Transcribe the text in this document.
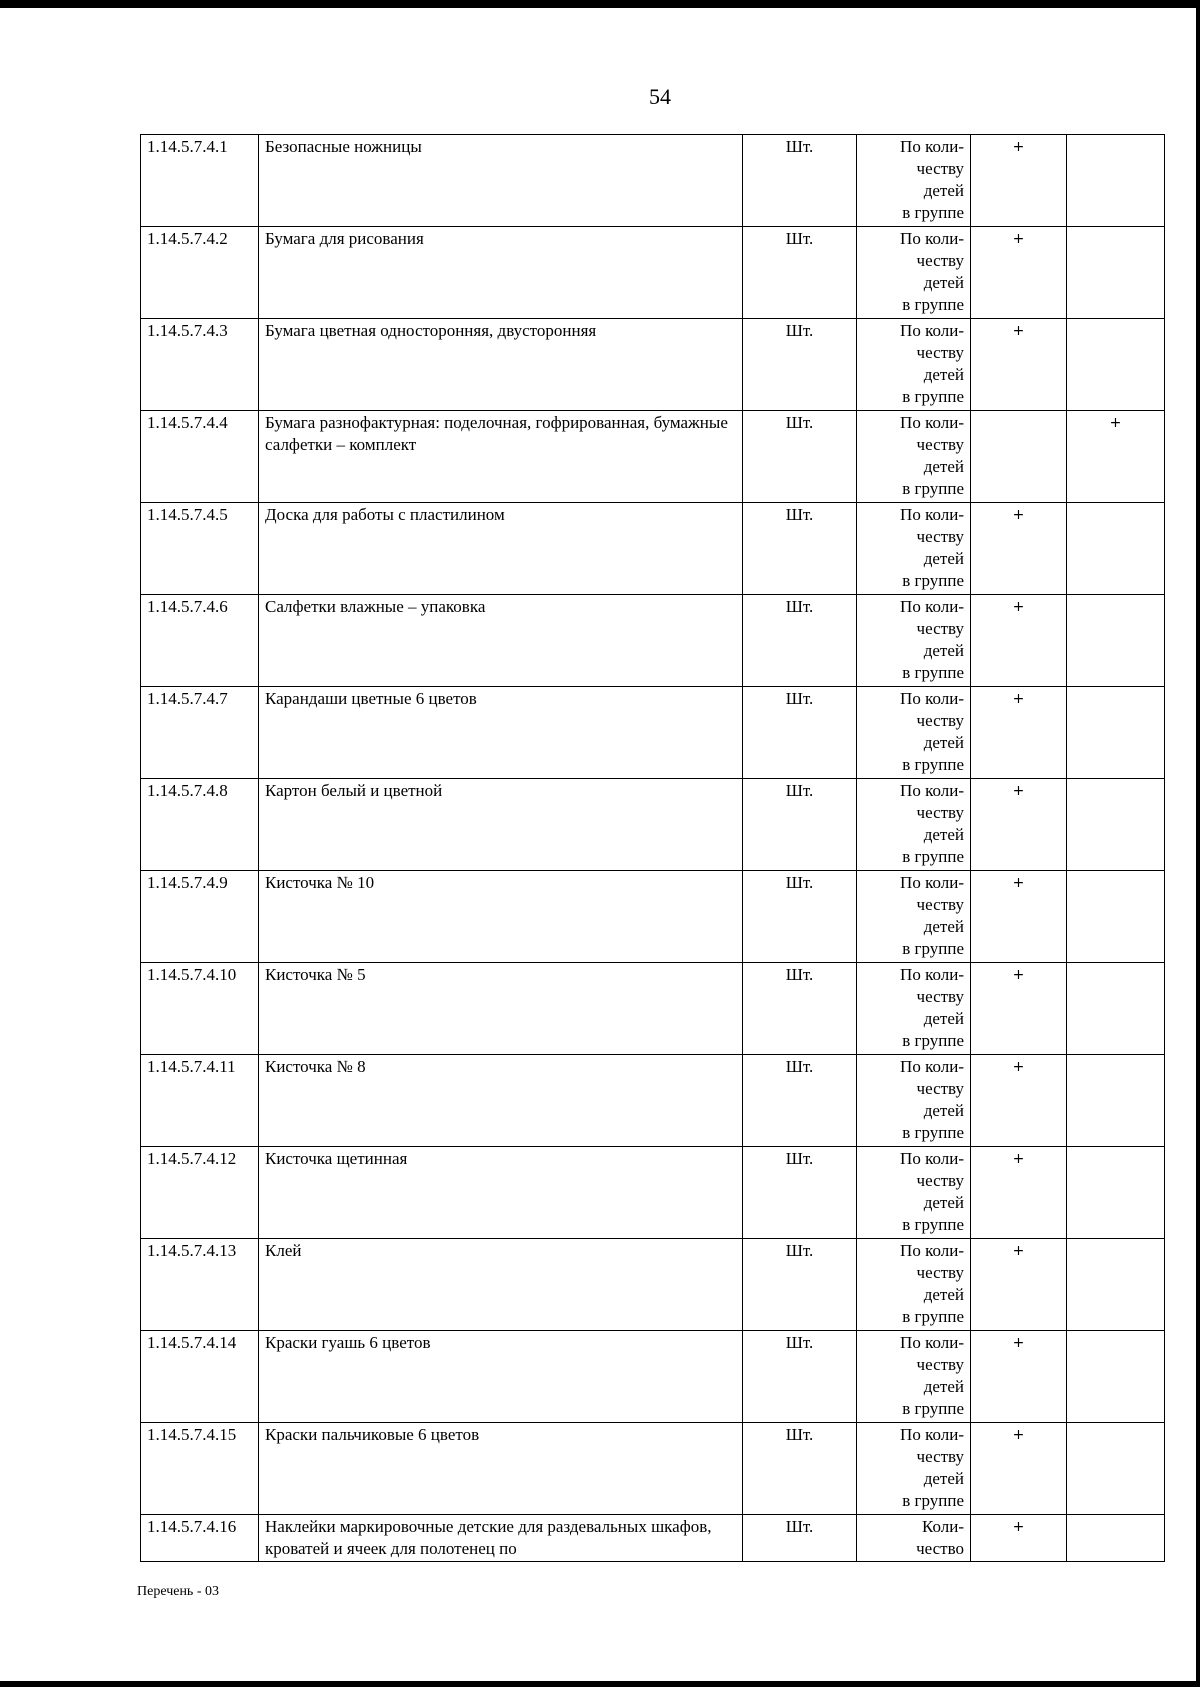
54
1.14.5.7.4.1	Безопасные ножницы	Шт.	По коли-
честву
детей
в группе	+	
1.14.5.7.4.2	Бумага для рисования	Шт.	По коли-
честву
детей
в группе	+	
1.14.5.7.4.3	Бумага цветная односторонняя, двусторонняя	Шт.	По коли-
честву
детей
в группе	+	
1.14.5.7.4.4	Бумага разнофактурная: поделочная, гофрированная, бумажные салфетки – комплект	Шт.	По коли-
честву
детей
в группе		+
1.14.5.7.4.5	Доска для работы с пластилином	Шт.	По коли-
честву
детей
в группе	+	
1.14.5.7.4.6	Салфетки влажные – упаковка	Шт.	По коли-
честву
детей
в группе	+	
1.14.5.7.4.7	Карандаши цветные 6 цветов	Шт.	По коли-
честву
детей
в группе	+	
1.14.5.7.4.8	Картон белый и цветной	Шт.	По коли-
честву
детей
в группе	+	
1.14.5.7.4.9	Кисточка № 10	Шт.	По коли-
честву
детей
в группе	+	
1.14.5.7.4.10	Кисточка № 5	Шт.	По коли-
честву
детей
в группе	+	
1.14.5.7.4.11	Кисточка № 8	Шт.	По коли-
честву
детей
в группе	+	
1.14.5.7.4.12	Кисточка щетинная	Шт.	По коли-
честву
детей
в группе	+	
1.14.5.7.4.13	Клей	Шт.	По коли-
честву
детей
в группе	+	
1.14.5.7.4.14	Краски гуашь 6 цветов	Шт.	По коли-
честву
детей
в группе	+	
1.14.5.7.4.15	Краски пальчиковые 6 цветов	Шт.	По коли-
честву
детей
в группе	+	
1.14.5.7.4.16	Наклейки маркировочные детские для раздевальных шкафов, кроватей и ячеек для полотенец по	Шт.	Коли-
чество	+	
Перечень - 03
